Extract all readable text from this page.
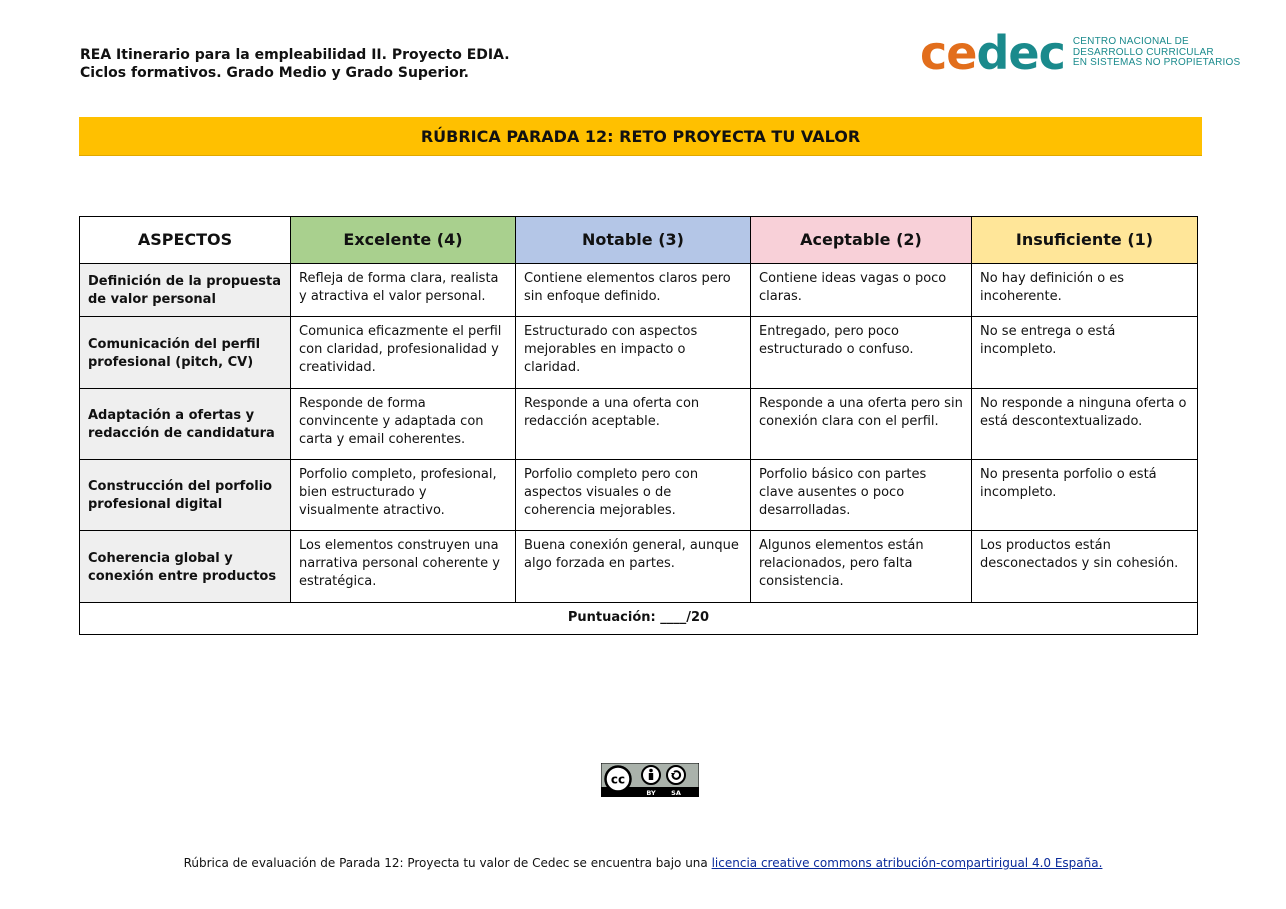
REA Itinerario para la empleabilidad II. Proyecto EDIA.
Ciclos formativos. Grado Medio y Grado Superior.	cedec CENTRO NACIONAL DE
DESARROLLO CURRICULAR
EN SISTEMAS NO PROPIETARIOS
RÚBRICA PARADA 12: RETO PROYECTA TU VALOR
ASPECTOS	Excelente (4)	Notable (3)	Aceptable (2)	Insuficiente (1)
Definición de la propuesta de valor personal	Refleja de forma clara, realista y atractiva el valor personal.	Contiene elementos claros pero sin enfoque definido.	Contiene ideas vagas o poco claras.	No hay definición o es incoherente.
Comunicación del perfil profesional (pitch, CV)	Comunica eficazmente el perfil con claridad, profesionalidad y creatividad.	Estructurado con aspectos mejorables en impacto o claridad.	Entregado, pero poco estructurado o confuso.	No se entrega o está incompleto.
Adaptación a ofertas y redacción de candidatura	Responde de forma convincente y adaptada con carta y email coherentes.	Responde a una oferta con redacción aceptable.	Responde a una oferta pero sin conexión clara con el perfil.	No responde a ninguna oferta o está descontextualizado.
Construcción del porfolio profesional digital	Porfolio completo, profesional, bien estructurado y visualmente atractivo.	Porfolio completo pero con aspectos visuales o de coherencia mejorables.	Porfolio básico con partes clave ausentes o poco desarrolladas.	No presenta porfolio o está incompleto.
Coherencia global y conexión entre productos	Los elementos construyen una narrativa personal coherente y estratégica.	Buena conexión general, aunque algo forzada en partes.	Algunos elementos están relacionados, pero falta consistencia.	Los productos están desconectados y sin cohesión.
Puntuación: ____/20				
cc
BY SA
Rúbrica de evaluación de Parada 12: Proyecta tu valor de Cedec se encuentra bajo una licencia creative commons atribución-compartirigual 4.0 España.
